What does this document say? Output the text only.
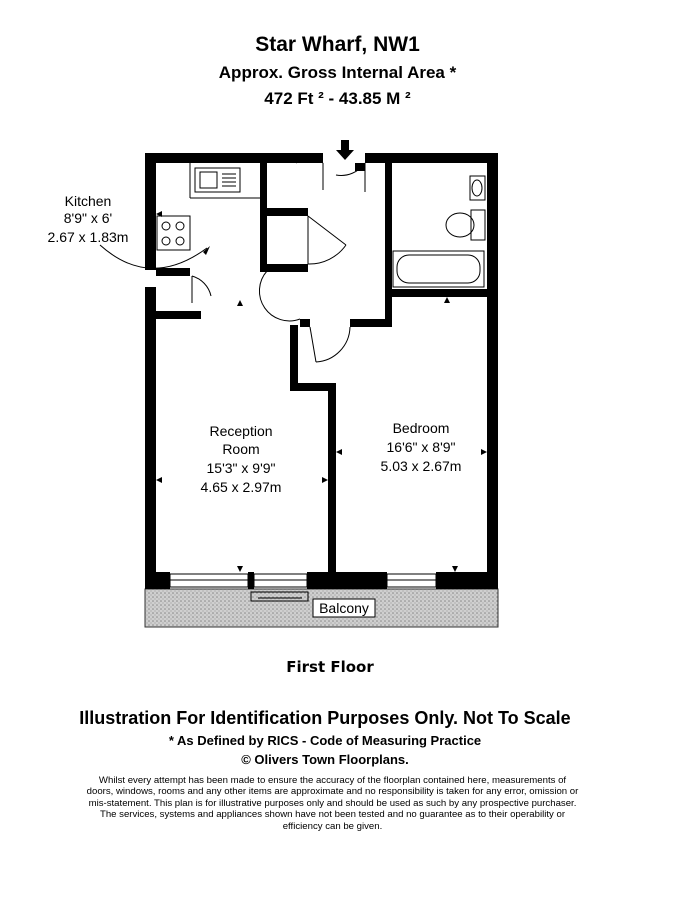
Star Wharf, NW1
Approx. Gross Internal Area *
472 Ft ² - 43.85 M ²
Kitchen
8'9" x 6'
2.67 x 1.83m
Reception
Room
15'3" x 9'9"
4.65 x 2.97m
Bedroom
16'6" x 8'9"
5.03 x 2.67m
Balcony
First Floor
Illustration For Identification Purposes Only. Not To Scale
* As Defined by RICS - Code of Measuring Practice
© Olivers Town Floorplans.
Whilst every attempt has been made to ensure the accuracy of the floorplan contained here, measurements of doors, windows, rooms and any other items are approximate and no responsibility is taken for any error, omission or mis-statement. This plan is for illustrative purposes only and should be used as such by any prospective purchaser. The services, systems and appliances shown have not been tested and no guarantee as to their operability or efficiency can be given.
